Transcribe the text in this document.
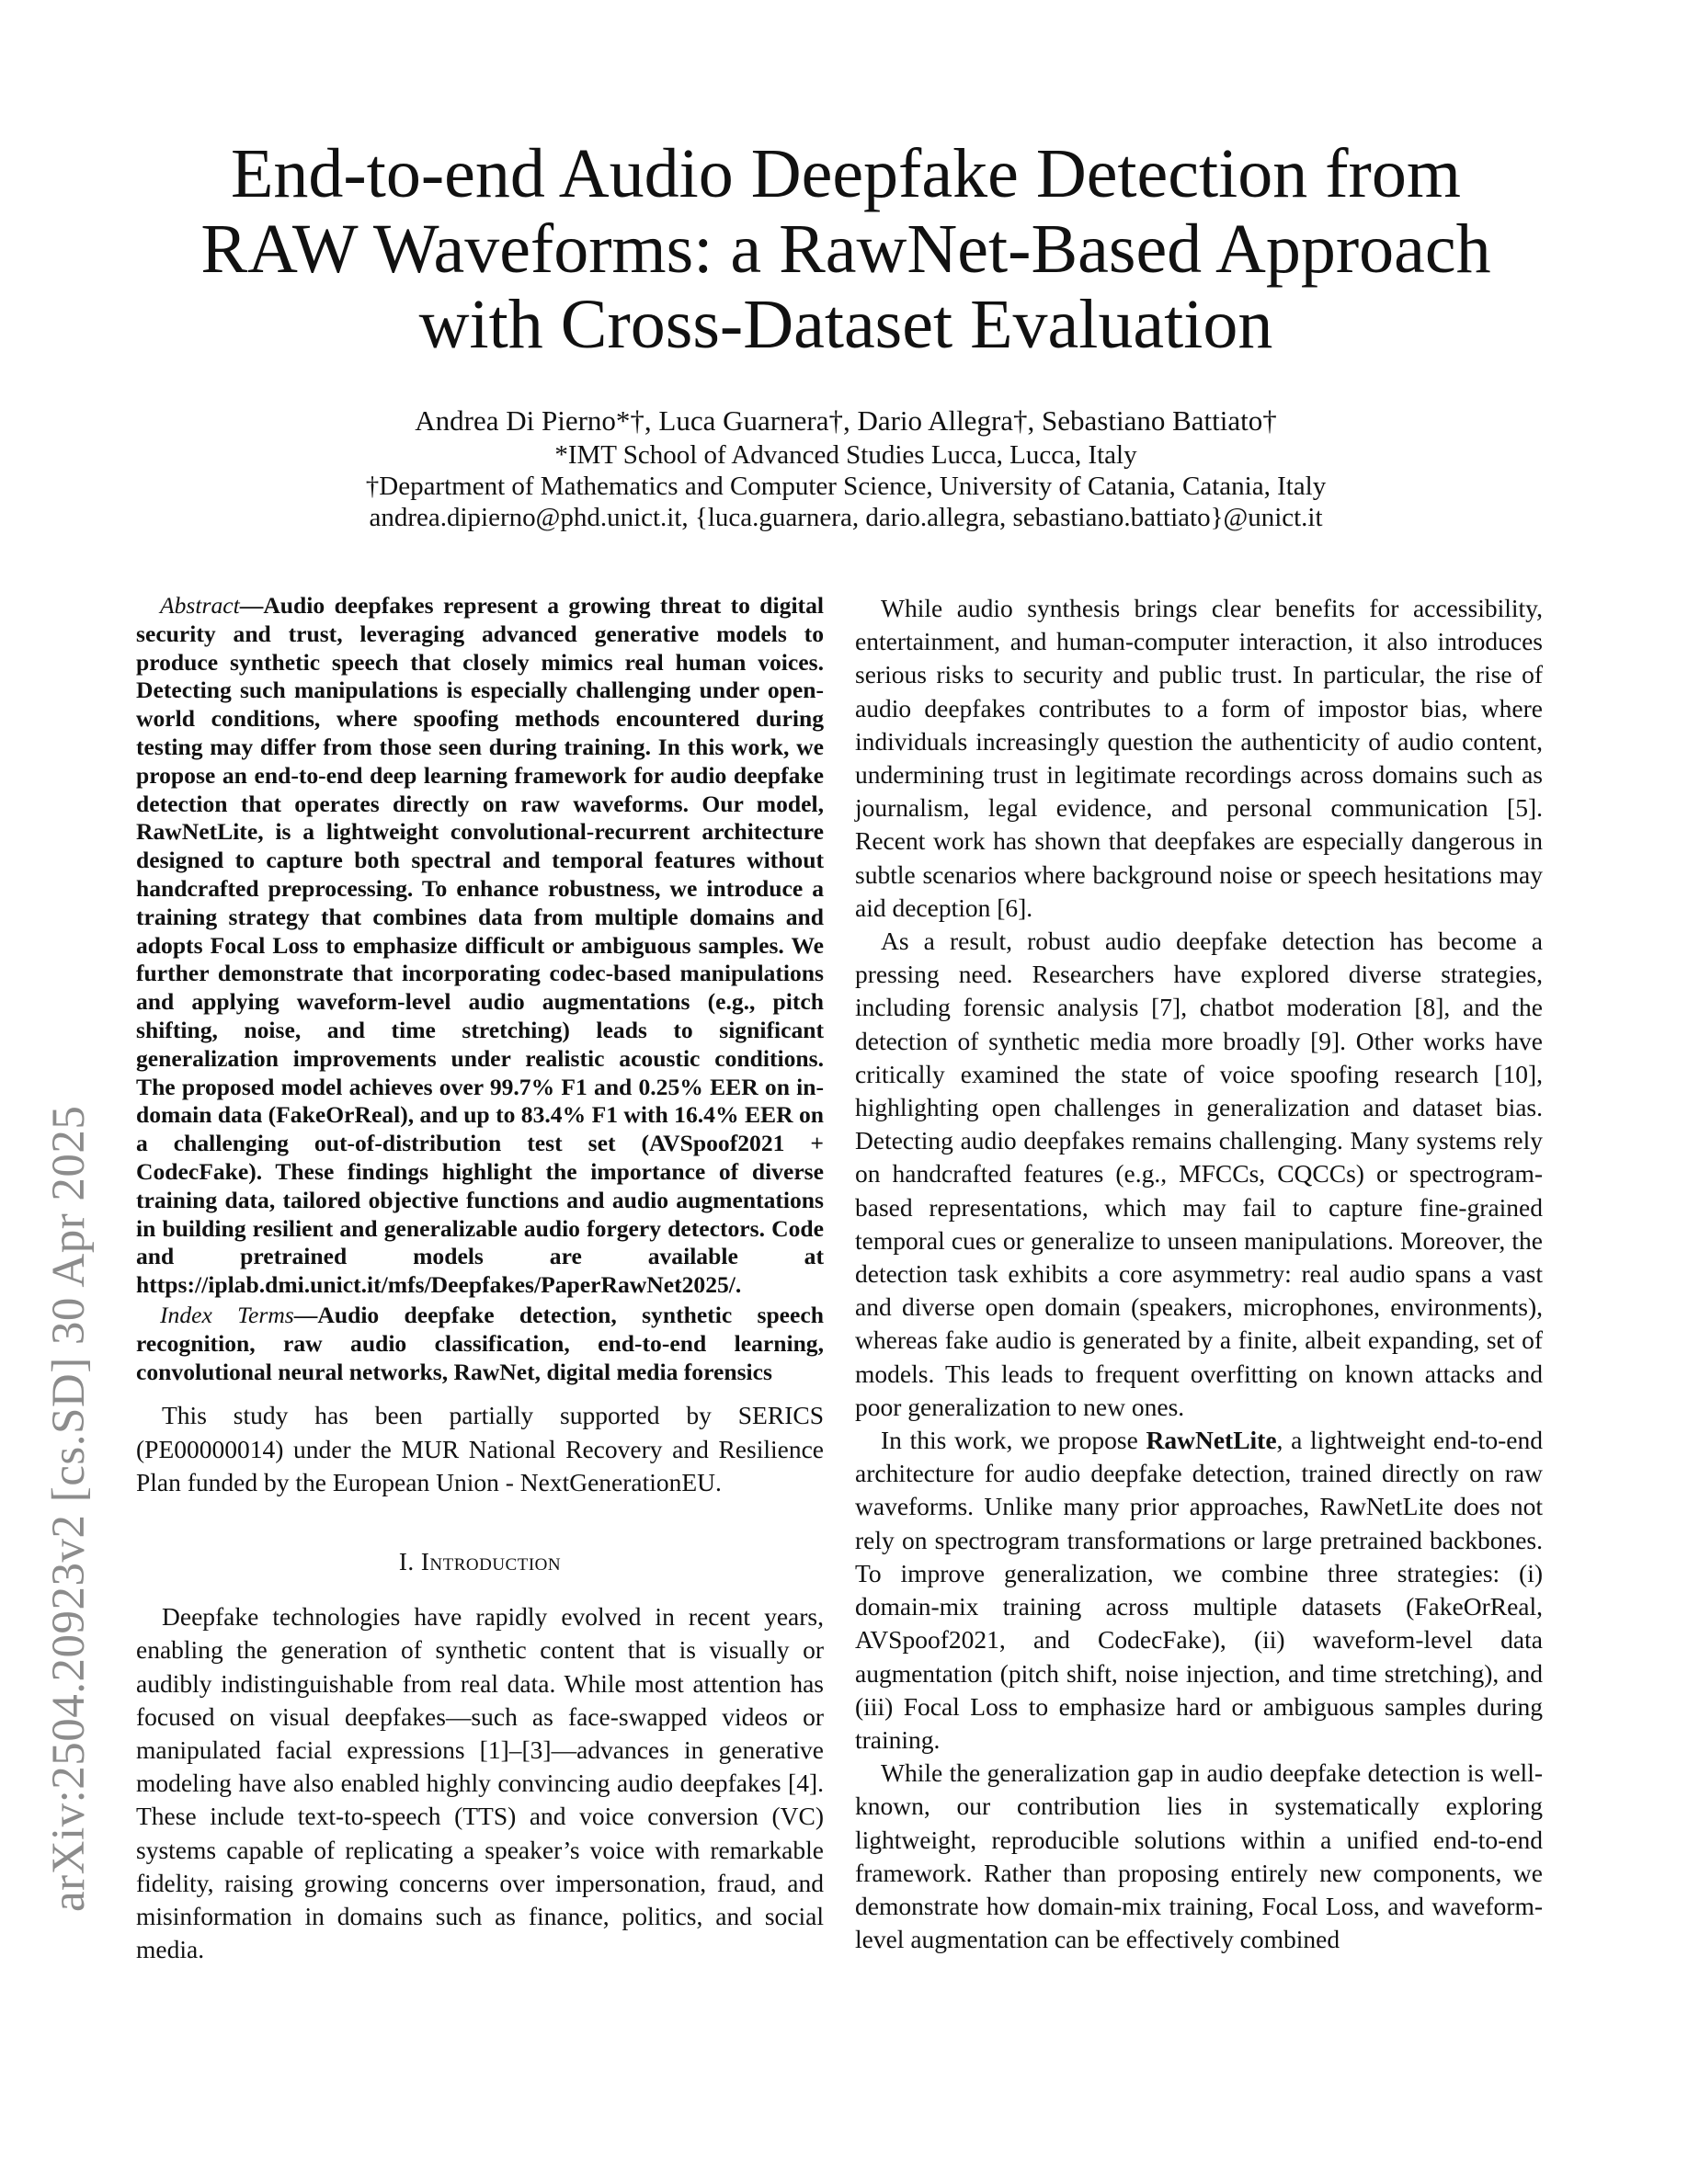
arXiv:2504.20923v2 [cs.SD] 30 Apr 2025
End-to-end Audio Deepfake Detection from RAW Waveforms: a RawNet-Based Approach with Cross-Dataset Evaluation
Andrea Di Pierno*†, Luca Guarnera†, Dario Allegra†, Sebastiano Battiato†
*IMT School of Advanced Studies Lucca, Lucca, Italy
†Department of Mathematics and Computer Science, University of Catania, Catania, Italy
andrea.dipierno@phd.unict.it, {luca.guarnera, dario.allegra, sebastiano.battiato}@unict.it

Abstract—Audio deepfakes represent a growing threat to digital security and trust, leveraging advanced generative models to produce synthetic speech that closely mimics real human voices. Detecting such manipulations is especially challenging under open-world conditions, where spoofing methods encountered during testing may differ from those seen during training. In this work, we propose an end-to-end deep learning framework for audio deepfake detection that operates directly on raw waveforms. Our model, RawNetLite, is a lightweight convolutional-recurrent architecture designed to capture both spectral and temporal features without handcrafted preprocessing. To enhance robustness, we introduce a training strategy that combines data from multiple domains and adopts Focal Loss to emphasize difficult or ambiguous samples. We further demonstrate that incorporating codec-based manipulations and applying waveform-level audio augmentations (e.g., pitch shifting, noise, and time stretching) leads to significant generalization improvements under realistic acoustic conditions. The proposed model achieves over 99.7% F1 and 0.25% EER on in-domain data (FakeOrReal), and up to 83.4% F1 with 16.4% EER on a challenging out-of-distribution test set (AVSpoof2021 + CodecFake). These findings highlight the importance of diverse training data, tailored objective functions and audio augmentations in building resilient and generalizable audio forgery detectors. Code and pretrained models are available at https://iplab.dmi.unict.it/mfs/Deepfakes/PaperRawNet2025/.

Index Terms—Audio deepfake detection, synthetic speech recognition, raw audio classification, end-to-end learning, convolutional neural networks, RawNet, digital media forensics

This study has been partially supported by SERICS (PE00000014) under the MUR National Recovery and Resilience Plan funded by the European Union - NextGenerationEU.

I. Introduction

Deepfake technologies have rapidly evolved in recent years, enabling the generation of synthetic content that is visually or audibly indistinguishable from real data. While most attention has focused on visual deepfakes—such as face-swapped videos or manipulated facial expressions [1]–[3]—advances in generative modeling have also enabled highly convincing audio deepfakes [4]. These include text-to-speech (TTS) and voice conversion (VC) systems capable of replicating a speaker’s voice with remarkable fidelity, raising growing concerns over impersonation, fraud, and misinformation in domains such as finance, politics, and social media.

While audio synthesis brings clear benefits for accessibility, entertainment, and human-computer interaction, it also introduces serious risks to security and public trust. In particular, the rise of audio deepfakes contributes to a form of impostor bias, where individuals increasingly question the authenticity of audio content, undermining trust in legitimate recordings across domains such as journalism, legal evidence, and personal communication [5]. Recent work has shown that deepfakes are especially dangerous in subtle scenarios where background noise or speech hesitations may aid deception [6].

As a result, robust audio deepfake detection has become a pressing need. Researchers have explored diverse strategies, including forensic analysis [7], chatbot moderation [8], and the detection of synthetic media more broadly [9]. Other works have critically examined the state of voice spoofing research [10], highlighting open challenges in generalization and dataset bias. Detecting audio deepfakes remains challenging. Many systems rely on handcrafted features (e.g., MFCCs, CQCCs) or spectrogram-based representations, which may fail to capture fine-grained temporal cues or generalize to unseen manipulations. Moreover, the detection task exhibits a core asymmetry: real audio spans a vast and diverse open domain (speakers, microphones, environments), whereas fake audio is generated by a finite, albeit expanding, set of models. This leads to frequent overfitting on known attacks and poor generalization to new ones.

In this work, we propose RawNetLite, a lightweight end-to-end architecture for audio deepfake detection, trained directly on raw waveforms. Unlike many prior approaches, RawNetLite does not rely on spectrogram transformations or large pretrained backbones. To improve generalization, we combine three strategies: (i) domain-mix training across multiple datasets (FakeOrReal, AVSpoof2021, and CodecFake), (ii) waveform-level data augmentation (pitch shift, noise injection, and time stretching), and (iii) Focal Loss to emphasize hard or ambiguous samples during training.

While the generalization gap in audio deepfake detection is well-known, our contribution lies in systematically exploring lightweight, reproducible solutions within a unified end-to-end framework. Rather than proposing entirely new components, we demonstrate how domain-mix training, Focal Loss, and waveform-level augmentation can be effectively combined
